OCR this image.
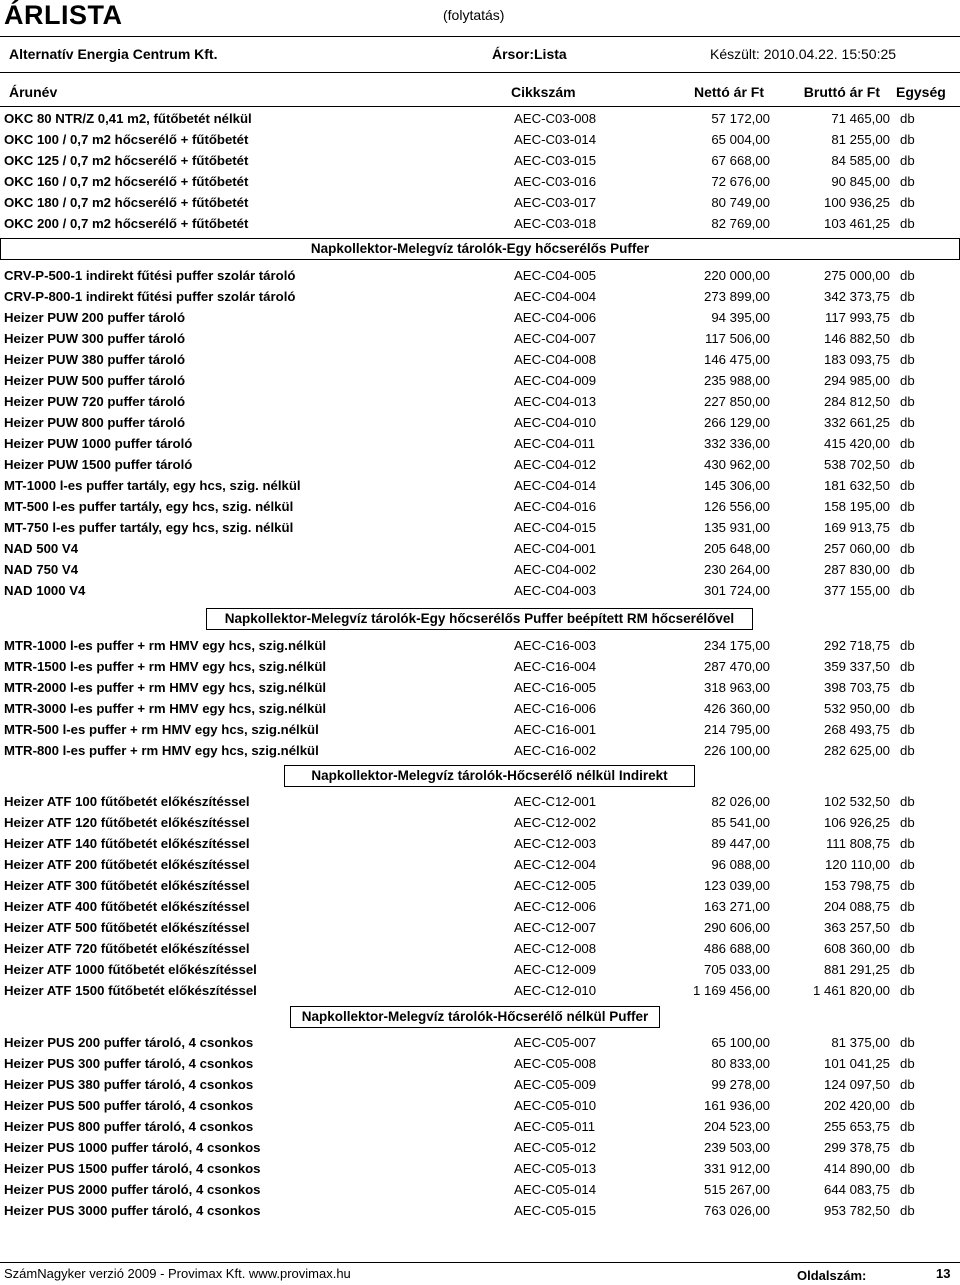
ÁRLISTA	(folytatás)
Alternatív Energia Centrum Kft.	Ársor:Lista	Készült: 2010.04.22. 15:50:25
Árunév	Cikkszám	Nettó ár Ft	Bruttó ár Ft Egység
OKC 80 NTR/Z 0,41 m2, fűtőbetét nélkül	AEC-C03-008	57 172,00	71 465,00 db
OKC 100 / 0,7 m2 hőcserélő + fűtőbetét	AEC-C03-014	65 004,00	81 255,00 db
OKC 125 / 0,7 m2 hőcserélő + fűtőbetét	AEC-C03-015	67 668,00	84 585,00 db
OKC 160 / 0,7 m2 hőcserélő + fűtőbetét	AEC-C03-016	72 676,00	90 845,00 db
OKC 180 / 0,7 m2 hőcserélő + fűtőbetét	AEC-C03-017	80 749,00	100 936,25 db
OKC 200 / 0,7 m2 hőcserélő + fűtőbetét	AEC-C03-018	82 769,00	103 461,25 db
Napkollektor-Melegvíz tárolók-Egy hőcserélős Puffer
CRV-P-500-1 indirekt fűtési puffer szolár tároló	AEC-C04-005	220 000,00	275 000,00 db
CRV-P-800-1 indirekt fűtési puffer szolár tároló	AEC-C04-004	273 899,00	342 373,75 db
Heizer PUW 200 puffer tároló	AEC-C04-006	94 395,00	117 993,75 db
Heizer PUW 300 puffer tároló	AEC-C04-007	117 506,00	146 882,50 db
Heizer PUW 380 puffer tároló	AEC-C04-008	146 475,00	183 093,75 db
Heizer PUW 500 puffer tároló	AEC-C04-009	235 988,00	294 985,00 db
Heizer PUW 720 puffer tároló	AEC-C04-013	227 850,00	284 812,50 db
Heizer PUW 800 puffer tároló	AEC-C04-010	266 129,00	332 661,25 db
Heizer PUW 1000 puffer tároló	AEC-C04-011	332 336,00	415 420,00 db
Heizer PUW 1500 puffer tároló	AEC-C04-012	430 962,00	538 702,50 db
MT-1000 l-es puffer tartály, egy hcs, szig. nélkül	AEC-C04-014	145 306,00	181 632,50 db
MT-500 l-es puffer tartály, egy hcs, szig. nélkül	AEC-C04-016	126 556,00	158 195,00 db
MT-750 l-es puffer tartály, egy hcs, szig. nélkül	AEC-C04-015	135 931,00	169 913,75 db
NAD 500 V4	AEC-C04-001	205 648,00	257 060,00 db
NAD 750 V4	AEC-C04-002	230 264,00	287 830,00 db
NAD 1000 V4	AEC-C04-003	301 724,00	377 155,00 db
Napkollektor-Melegvíz tárolók-Egy hőcserélős Puffer beépített RM hőcserélővel
MTR-1000 l-es puffer + rm HMV egy hcs, szig.nélkül	AEC-C16-003	234 175,00	292 718,75 db
MTR-1500 l-es puffer + rm HMV egy hcs, szig.nélkül	AEC-C16-004	287 470,00	359 337,50 db
MTR-2000 l-es puffer + rm HMV egy hcs, szig.nélkül	AEC-C16-005	318 963,00	398 703,75 db
MTR-3000 l-es puffer + rm HMV egy hcs, szig.nélkül	AEC-C16-006	426 360,00	532 950,00 db
MTR-500 l-es puffer + rm HMV egy hcs, szig.nélkül	AEC-C16-001	214 795,00	268 493,75 db
MTR-800 l-es puffer + rm HMV egy hcs, szig.nélkül	AEC-C16-002	226 100,00	282 625,00 db
Napkollektor-Melegvíz tárolók-Hőcserélő nélkül Indirekt
Heizer ATF 100 fűtőbetét előkészítéssel	AEC-C12-001	82 026,00	102 532,50 db
Heizer ATF 120 fűtőbetét előkészítéssel	AEC-C12-002	85 541,00	106 926,25 db
Heizer ATF 140 fűtőbetét előkészítéssel	AEC-C12-003	89 447,00	111 808,75 db
Heizer ATF 200 fűtőbetét előkészítéssel	AEC-C12-004	96 088,00	120 110,00 db
Heizer ATF 300 fűtőbetét előkészítéssel	AEC-C12-005	123 039,00	153 798,75 db
Heizer ATF 400 fűtőbetét előkészítéssel	AEC-C12-006	163 271,00	204 088,75 db
Heizer ATF 500 fűtőbetét előkészítéssel	AEC-C12-007	290 606,00	363 257,50 db
Heizer ATF 720 fűtőbetét előkészítéssel	AEC-C12-008	486 688,00	608 360,00 db
Heizer ATF 1000 fűtőbetét előkészítéssel	AEC-C12-009	705 033,00	881 291,25 db
Heizer ATF 1500 fűtőbetét előkészítéssel	AEC-C12-010	1 169 456,00	1 461 820,00 db
Napkollektor-Melegvíz tárolók-Hőcserélő nélkül Puffer
Heizer PUS 200 puffer tároló, 4 csonkos	AEC-C05-007	65 100,00	81 375,00 db
Heizer PUS 300 puffer tároló, 4 csonkos	AEC-C05-008	80 833,00	101 041,25 db
Heizer PUS 380 puffer tároló, 4 csonkos	AEC-C05-009	99 278,00	124 097,50 db
Heizer PUS 500 puffer tároló, 4 csonkos	AEC-C05-010	161 936,00	202 420,00 db
Heizer PUS 800 puffer tároló, 4 csonkos	AEC-C05-011	204 523,00	255 653,75 db
Heizer PUS 1000 puffer tároló, 4 csonkos	AEC-C05-012	239 503,00	299 378,75 db
Heizer PUS 1500 puffer tároló, 4 csonkos	AEC-C05-013	331 912,00	414 890,00 db
Heizer PUS 2000 puffer tároló, 4 csonkos	AEC-C05-014	515 267,00	644 083,75 db
Heizer PUS 3000 puffer tároló, 4 csonkos	AEC-C05-015	763 026,00	953 782,50 db
SzámNagyker verzió 2009 - Provimax Kft. www.provimax.hu	Oldalszám:	13
